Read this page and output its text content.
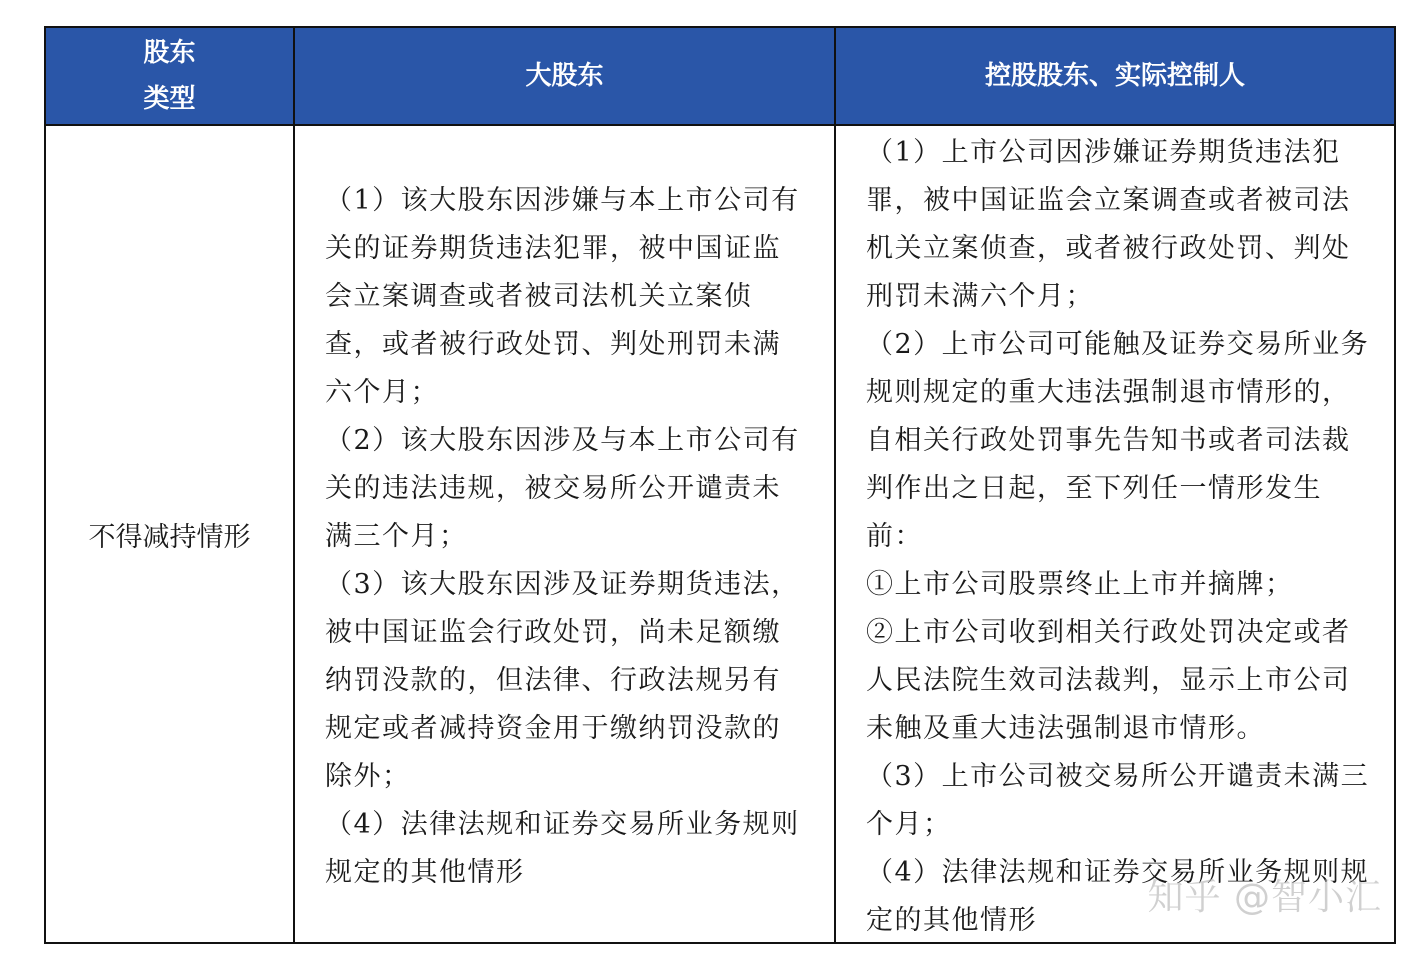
股东
类型
大股东	控股股东、实际控制人
不得减持情形

（1）该大股东因涉嫌与本上市公司有关的证券期货违法犯罪，被中国证监会立案调查或者被司法机关立案侦查，或者被行政处罚、判处刑罚未满六个月；

（2）该大股东因涉及与本上市公司有关的违法违规，被交易所公开谴责未满三个月；

（3）该大股东因涉及证券期货违法，被中国证监会行政处罚，尚未足额缴纳罚没款的，但法律、行政法规另有规定或者减持资金用于缴纳罚没款的除外；

（4）法律法规和证券交易所业务规则规定的其他情形

（1）上市公司因涉嫌证券期货违法犯罪，被中国证监会立案调查或者被司法机关立案侦查，或者被行政处罚、判处刑罚未满六个月；

（2）上市公司可能触及证券交易所业务规则规定的重大违法强制退市情形的，自相关行政处罚事先告知书或者司法裁判作出之日起，至下列任一情形发生前：

①上市公司股票终止上市并摘牌；

②上市公司收到相关行政处罚决定或者人民法院生效司法裁判，显示上市公司未触及重大违法强制退市情形。

（3）上市公司被交易所公开谴责未满三个月；

（4）法律法规和证券交易所业务规则规定的其他情形

知乎 @智小汇
